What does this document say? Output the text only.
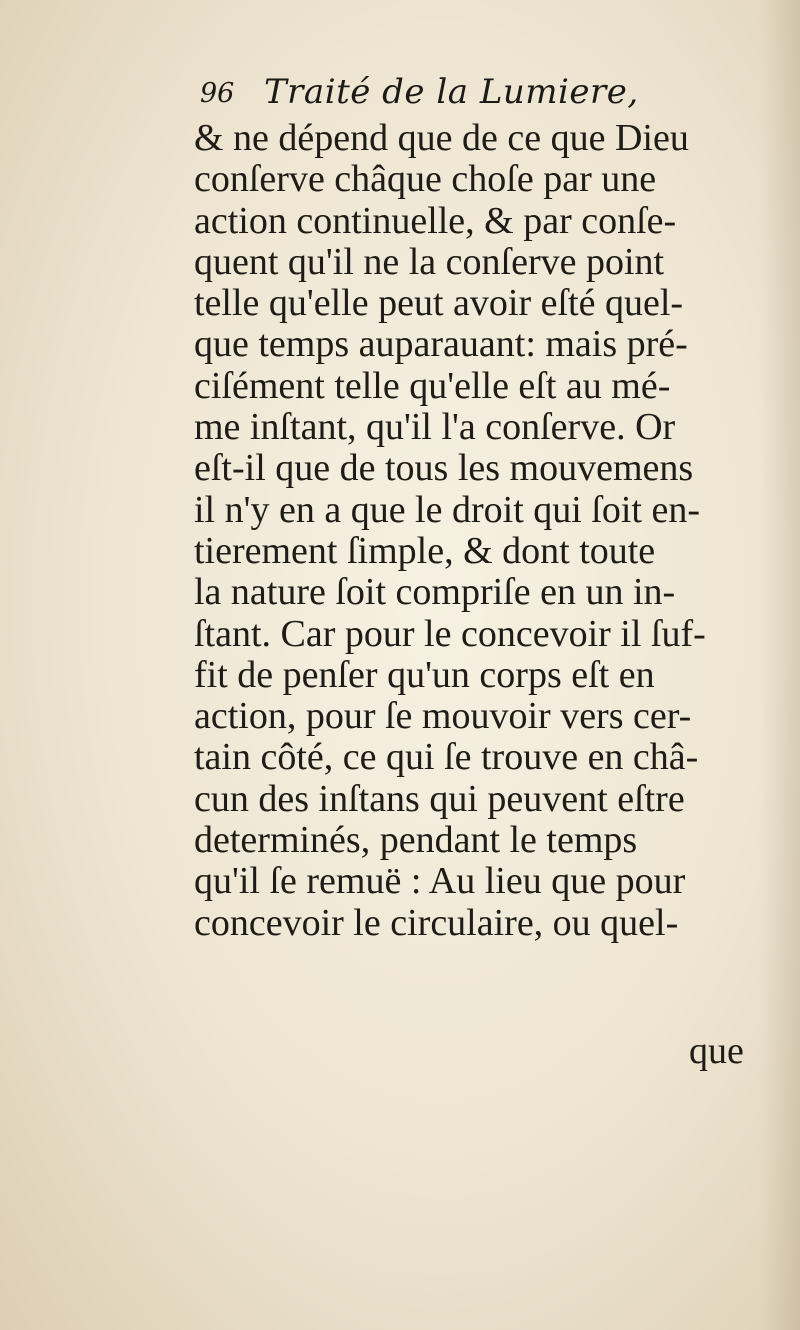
96 Traité de la Lumiere,
& ne dépend que de ce que Dieu
conſerve châque choſe par une
action continuelle, & par conſe-
quent qu'il ne la conſerve point
telle qu'elle peut avoir eſté quel-
que temps auparauant: mais pré-
ciſément telle qu'elle eſt au mé-
me inſtant, qu'il l'a conſerve. Or
eſt-il que de tous les mouvemens
il n'y en a que le droit qui ſoit en-
tierement ſimple, & dont toute
la nature ſoit compriſe en un in-
ſtant. Car pour le concevoir il ſuf-
fit de penſer qu'un corps eſt en
action, pour ſe mouvoir vers cer-
tain côté, ce qui ſe trouve en châ-
cun des inſtans qui peuvent eſtre
determinés, pendant le temps
qu'il ſe remuë : Au lieu que pour
concevoir le circulaire, ou quel-
que
